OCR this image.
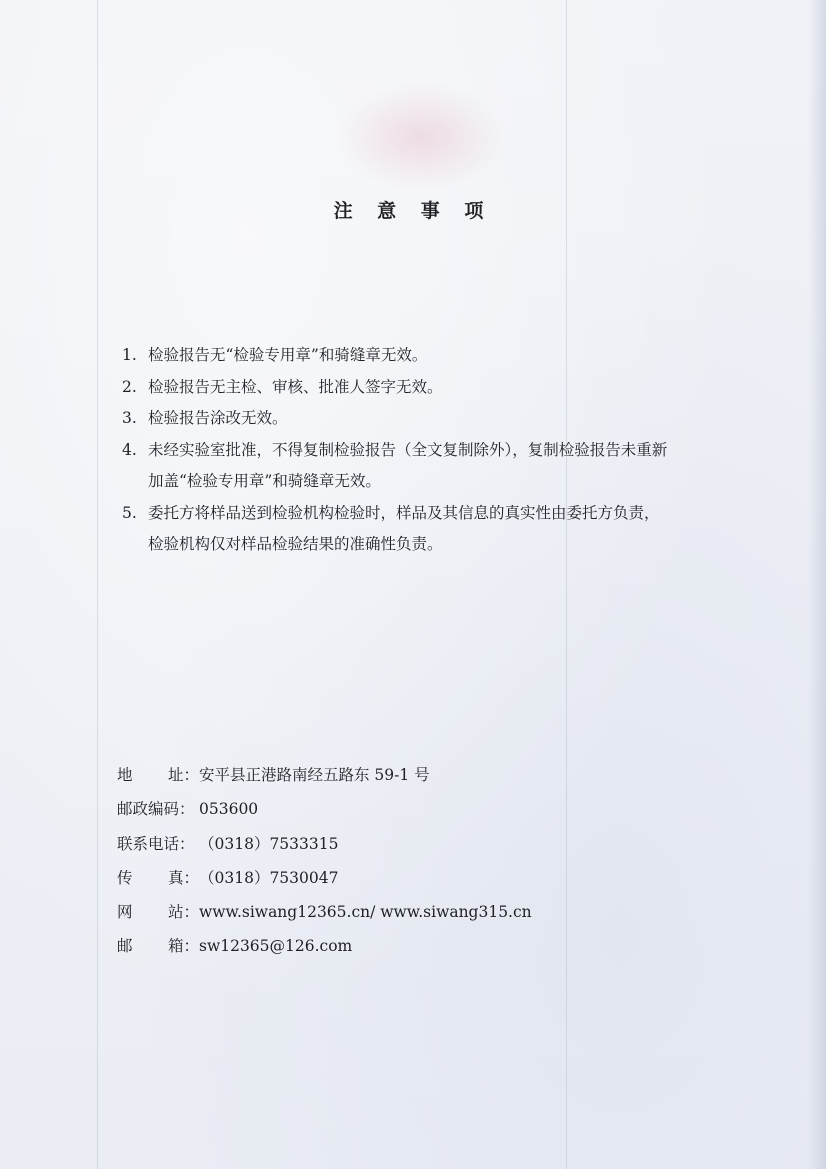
注 意 事 项
1. 检验报告无“检验专用章”和骑缝章无效。
2. 检验报告无主检、审核、批准人签字无效。
3. 检验报告涂改无效。
4. 未经实验室批准，不得复制检验报告（全文复制除外），复制检验报告未重新
加盖“检验专用章”和骑缝章无效。
5. 委托方将样品送到检验机构检验时，样品及其信息的真实性由委托方负责，
检验机构仅对样品检验结果的准确性负责。
地 址： 安平县正港路南经五路东 59-1 号
邮政编码： 053600
联系电话： （0318）7533315
传 真： （0318）7530047
网 站： www.siwang12365.cn/ www.siwang315.cn
邮 箱： sw12365@126.com
